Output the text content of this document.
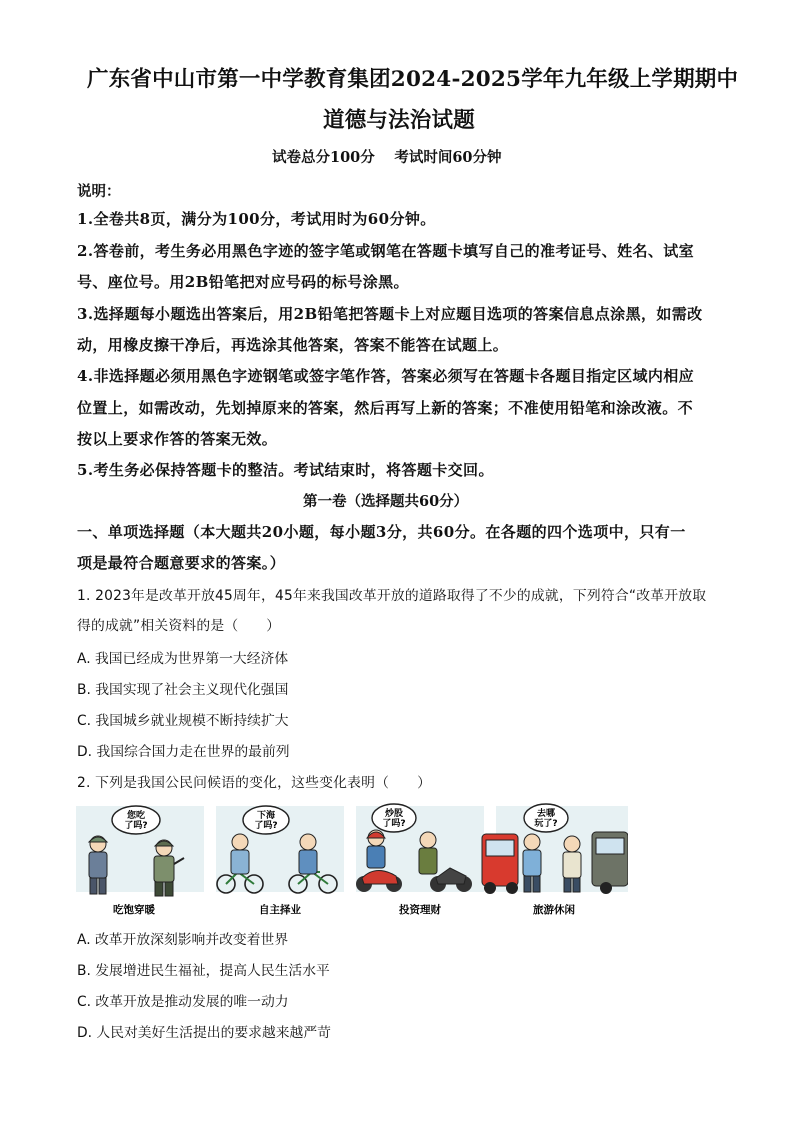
广东省中山市第一中学教育集团2024-2025学年九年级上学期期中
道德与法治试题
试卷总分100分　 考试时间60分钟
说明：
1.全卷共8页，满分为100分，考试用时为60分钟。
2.答卷前，考生务必用黑色字迹的签字笔或钢笔在答题卡填写自己的准考证号、姓名、试室
号、座位号。用2B铅笔把对应号码的标号涂黑。
3.选择题每小题选出答案后，用2B铅笔把答题卡上对应题目选项的答案信息点涂黑，如需改
动，用橡皮擦干净后，再选涂其他答案，答案不能答在试题上。
4.非选择题必须用黑色字迹钢笔或签字笔作答，答案必须写在答题卡各题目指定区域内相应
位置上，如需改动，先划掉原来的答案，然后再写上新的答案；不准使用铅笔和涂改液。不
按以上要求作答的答案无效。
5.考生务必保持答题卡的整洁。考试结束时，将答题卡交回。
第一卷（选择题共60分）
一、单项选择题（本大题共20小题，每小题3分，共60分。在各题的四个选项中，只有一
项是最符合题意要求的答案。）
1. 2023年是改革开放45周年，45年来我国改革开放的道路取得了不少的成就，下列符合“改革开放取
得的成就”相关资料的是（　　）
A. 我国已经成为世界第一大经济体
B. 我国实现了社会主义现代化强国
C. 我国城乡就业规模不断持续扩大
D. 我国综合国力走在世界的最前列
2. 下列是我国公民问候语的变化，这些变化表明（　　）
您吃
了吗?
吃饱穿暖
下海
了吗?
自主择业
炒股
了吗?
投资理财
去哪
玩了?
旅游休闲
A. 改革开放深刻影响并改变着世界
B. 发展增进民生福祉，提高人民生活水平
C. 改革开放是推动发展的唯一动力
D. 人民对美好生活提出的要求越来越严苛
